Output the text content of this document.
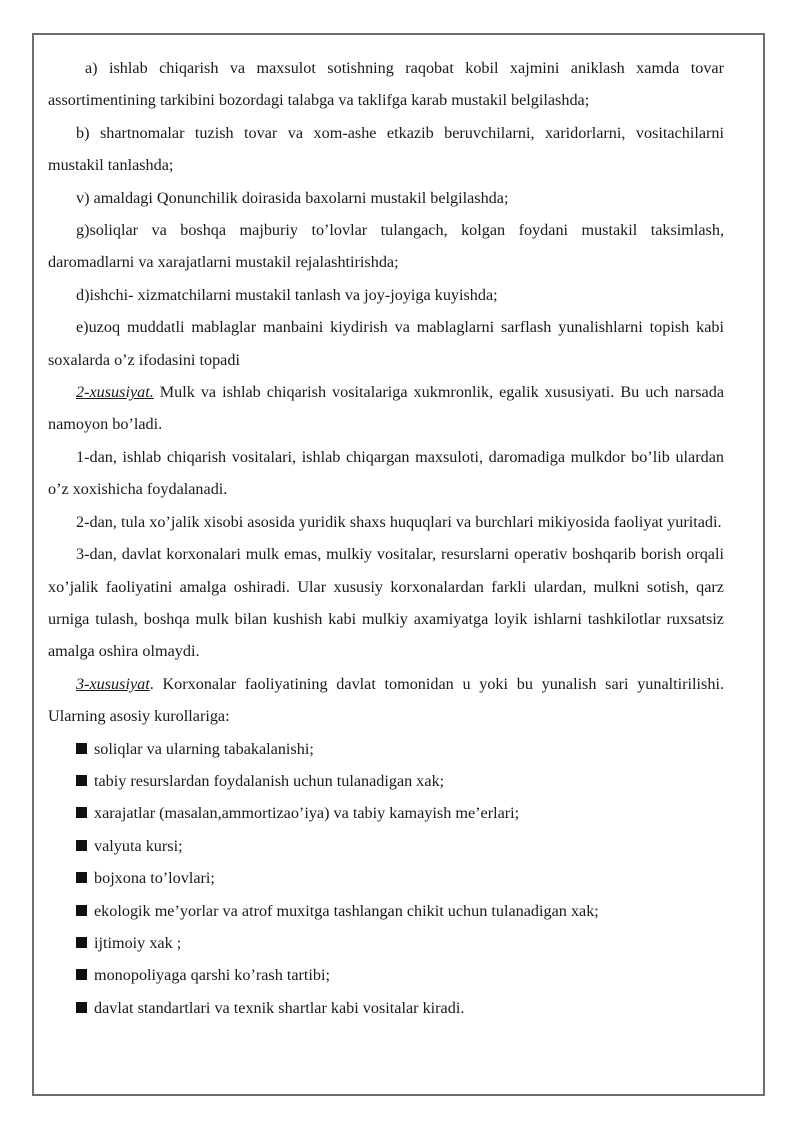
a) ishlab chiqarish va maxsulot sotishning raqobat kobil xajmini aniklash xamda tovar assortimentining tarkibini bozordagi talabga va taklifga karab mustakil belgilashda;

b) shartnomalar tuzish tovar va xom-ashe etkazib beruvchilarni, xaridorlarni, vositachilarni mustakil tanlashda;

v) amaldagi Qonunchilik doirasida baxolarni mustakil belgilashda;

g)soliqlar va boshqa majburiy to’lovlar tulangach, kolgan foydani mustakil taksimlash, daromadlarni va xarajatlarni mustakil rejalashtirishda;

d)ishchi- xizmatchilarni mustakil tanlash va joy-joyiga kuyishda;

e)uzoq muddatli mablaglar manbaini kiydirish va mablaglarni sarflash yunalishlarni topish kabi soxalarda o’z ifodasini topadi

2-xususiyat. Mulk va ishlab chiqarish vositalariga xukmronlik, egalik xususiyati. Bu uch narsada namoyon bo’ladi.

1-dan, ishlab chiqarish vositalari, ishlab chiqargan maxsuloti, daromadiga mulkdor bo’lib ulardan o’z xoxishicha foydalanadi.

2-dan, tula xo’jalik xisobi asosida yuridik shaxs huquqlari va burchlari mikiyosida faoliyat yuritadi.

3-dan, davlat korxonalari mulk emas, mulkiy vositalar, resurslarni operativ boshqarib borish orqali xo’jalik faoliyatini amalga oshiradi. Ular xususiy korxonalardan farkli ulardan, mulkni sotish, qarz urniga tulash, boshqa mulk bilan kushish kabi mulkiy axamiyatga loyik ishlarni tashkilotlar ruxsatsiz amalga oshira olmaydi.

3-xususiyat. Korxonalar faoliyatining davlat tomonidan u yoki bu yunalish sari yunaltirilishi. Ularning asosiy kurollariga:

soliqlar va ularning tabakalanishi;
tabiy resurslardan foydalanish uchun tulanadigan xak;
xarajatlar (masalan,ammortizao’iya) va tabiy kamayish me’erlari;
valyuta kursi;
bojxona to’lovlari;
ekologik me’yorlar va atrof muxitga tashlangan chikit uchun tulanadigan xak;
ijtimoiy xak ;
monopoliyaga qarshi ko’rash tartibi;
davlat standartlari va texnik shartlar kabi vositalar kiradi.
